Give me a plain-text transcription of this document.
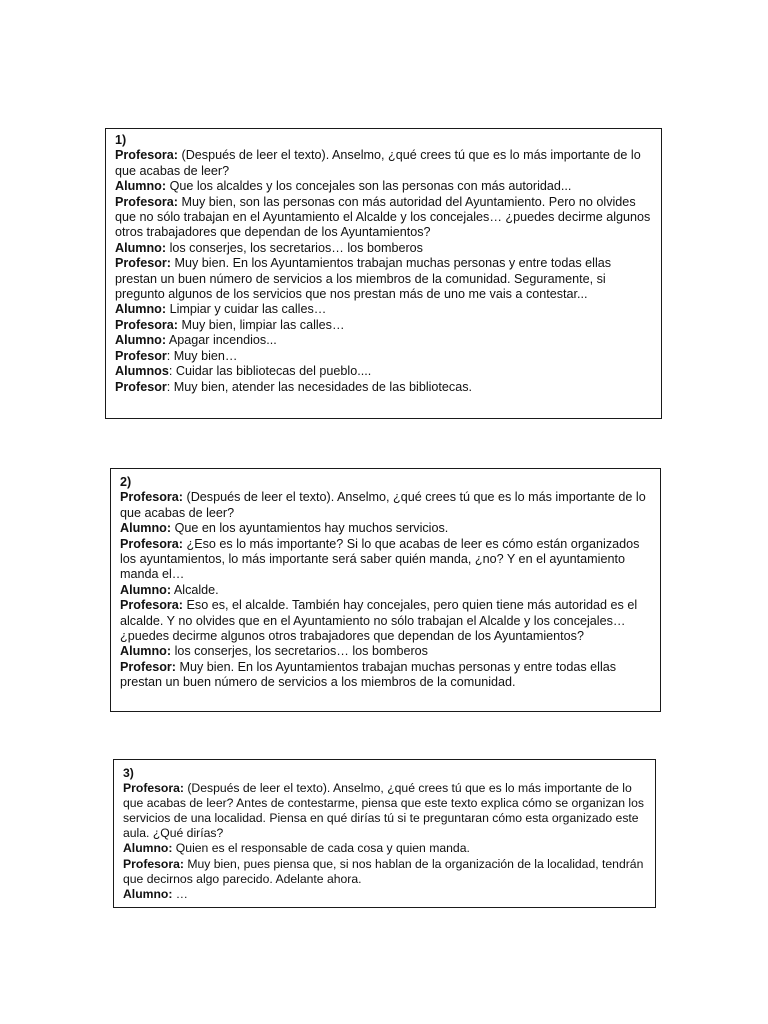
1)

Profesora: (Después de leer el texto). Anselmo, ¿qué crees tú que es lo más importante de lo que acabas de leer?

Alumno: Que los alcaldes y los concejales son las personas con más autoridad...

Profesora: Muy bien, son las personas con más autoridad del Ayuntamiento. Pero no olvides que no sólo trabajan en el Ayuntamiento el Alcalde y los concejales… ¿puedes decirme algunos otros trabajadores que dependan de los Ayuntamientos?

Alumno: los conserjes, los secretarios… los bomberos

Profesor: Muy bien. En los Ayuntamientos trabajan muchas personas y entre todas ellas prestan un buen número de servicios a los miembros de la comunidad. Seguramente, si pregunto algunos de los servicios que nos prestan más de uno me vais a contestar...

Alumno: Limpiar y cuidar las calles…

Profesora: Muy bien, limpiar las calles…

Alumno: Apagar incendios...

Profesor: Muy bien…

Alumnos: Cuidar las bibliotecas del pueblo....

Profesor: Muy bien, atender las necesidades de las bibliotecas.

2)

Profesora: (Después de leer el texto). Anselmo, ¿qué crees tú que es lo más importante de lo que acabas de leer?

Alumno: Que en los ayuntamientos hay muchos servicios.

Profesora: ¿Eso es lo más importante? Si lo que acabas de leer es cómo están organizados los ayuntamientos, lo más importante será saber quién manda, ¿no? Y en el ayuntamiento manda el…

Alumno: Alcalde.

Profesora: Eso es, el alcalde. También hay concejales, pero quien tiene más autoridad es el alcalde. Y no olvides que en el Ayuntamiento no sólo trabajan el Alcalde y los concejales… ¿puedes decirme algunos otros trabajadores que dependan de los Ayuntamientos?

Alumno: los conserjes, los secretarios… los bomberos

Profesor: Muy bien. En los Ayuntamientos trabajan muchas personas y entre todas ellas prestan un buen número de servicios a los miembros de la comunidad.

3)

Profesora: (Después de leer el texto). Anselmo, ¿qué crees tú que es lo más importante de lo que acabas de leer? Antes de contestarme, piensa que este texto explica cómo se organizan los servicios de una localidad. Piensa en qué dirías tú si te preguntaran cómo esta organizado este aula. ¿Qué dirías?

Alumno: Quien es el responsable de cada cosa y quien manda.

Profesora: Muy bien, pues piensa que, si nos hablan de la organización de la localidad, tendrán que decirnos algo parecido. Adelante ahora.

Alumno: …
